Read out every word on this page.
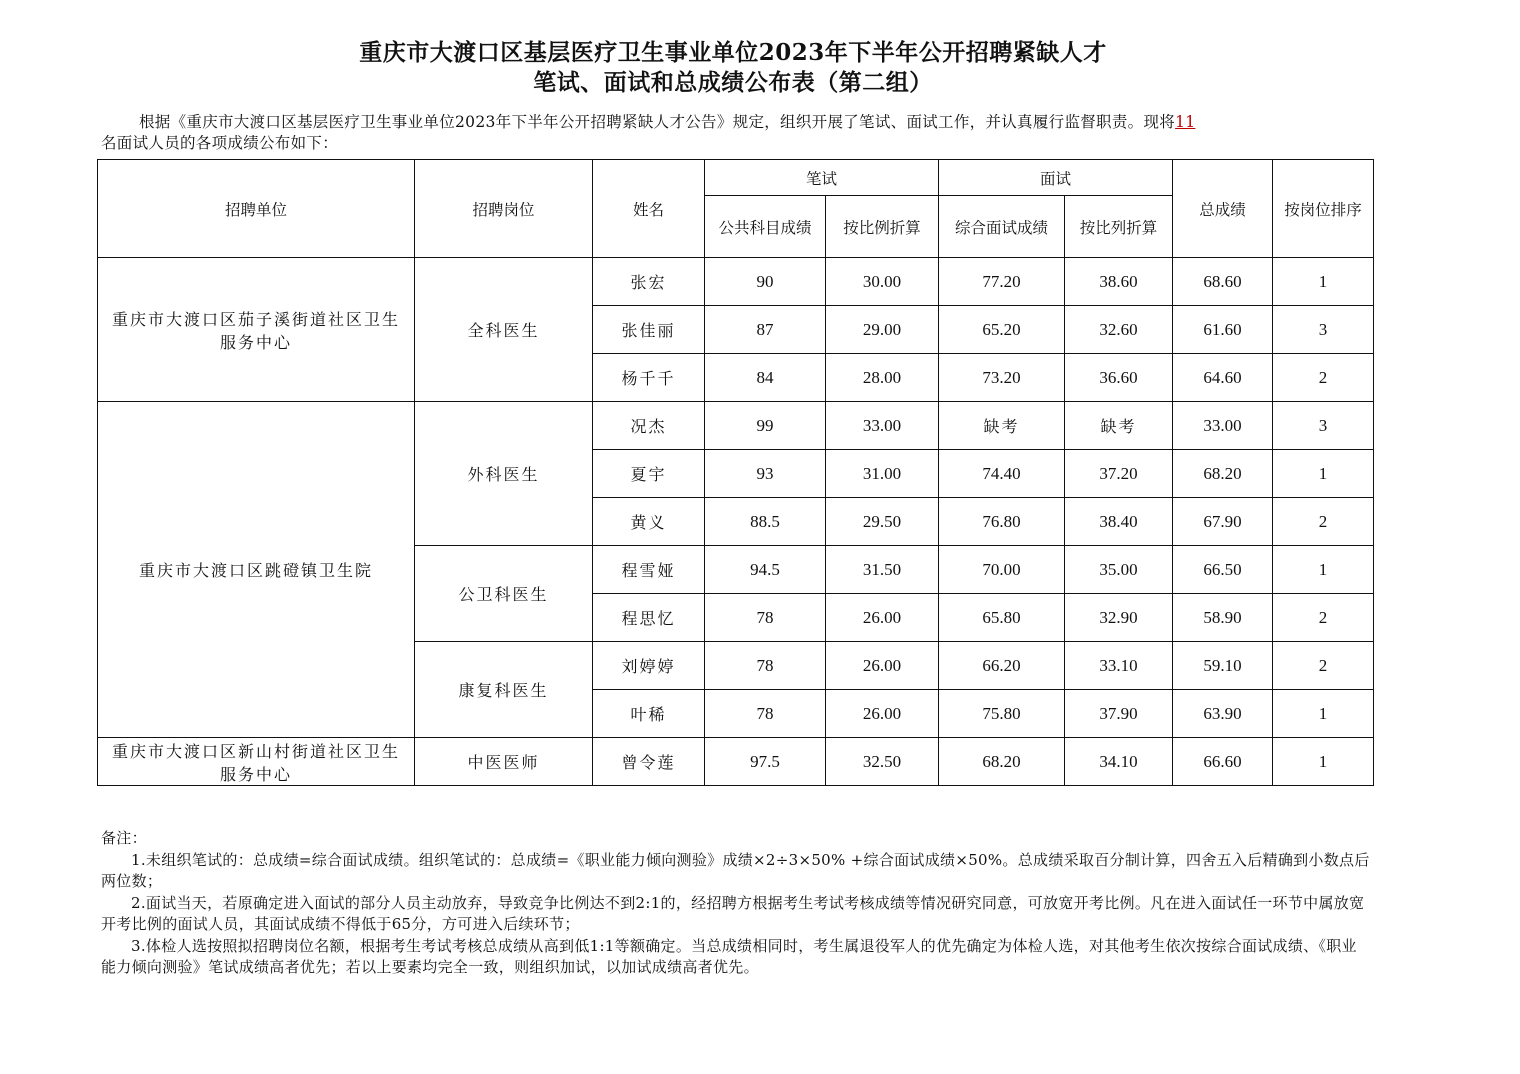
重庆市大渡口区基层医疗卫生事业单位2023年下半年公开招聘紧缺人才
笔试、面试和总成绩公布表（第二组）
根据《重庆市大渡口区基层医疗卫生事业单位2023年下半年公开招聘紧缺人才公告》规定，组织开展了笔试、面试工作，并认真履行监督职责。现将11
名面试人员的各项成绩公布如下：
招聘单位	招聘岗位	姓名	笔试		面试		总成绩	按岗位排序
			公共科目成绩	按比例折算	综合面试成绩	按比列折算		
重庆市大渡口区茄子溪街道社区卫生服务中心	全科医生	张宏	90	30.00	77.20	38.60	68.60	1
		张佳丽	87	29.00	65.20	32.60	61.60	3
		杨千千	84	28.00	73.20	36.60	64.60	2
重庆市大渡口区跳磴镇卫生院	外科医生	况杰	99	33.00	缺考	缺考	33.00	3
		夏宇	93	31.00	74.40	37.20	68.20	1
		黄义	88.5	29.50	76.80	38.40	67.90	2
	公卫科医生	程雪娅	94.5	31.50	70.00	35.00	66.50	1
		程思忆	78	26.00	65.80	32.90	58.90	2
	康复科医生	刘婷婷	78	26.00	66.20	33.10	59.10	2
		叶稀	78	26.00	75.80	37.90	63.90	1
重庆市大渡口区新山村街道社区卫生服务中心	中医医师	曾令莲	97.5	32.50	68.20	34.10	66.60	1
备注：
1.未组织笔试的：总成绩=综合面试成绩。组织笔试的：总成绩=《职业能力倾向测验》成绩×2÷3×50% +综合面试成绩×50%。总成绩采取百分制计算，四舍五入后精确到小数点后两位数；
2.面试当天，若原确定进入面试的部分人员主动放弃，导致竞争比例达不到2:1的，经招聘方根据考生考试考核成绩等情况研究同意，可放宽开考比例。凡在进入面试任一环节中属放宽开考比例的面试人员，其面试成绩不得低于65分，方可进入后续环节；
3.体检人选按照拟招聘岗位名额，根据考生考试考核总成绩从高到低1:1等额确定。当总成绩相同时，考生属退役军人的优先确定为体检人选，对其他考生依次按综合面试成绩、《职业能力倾向测验》笔试成绩高者优先；若以上要素均完全一致，则组织加试，以加试成绩高者优先。
